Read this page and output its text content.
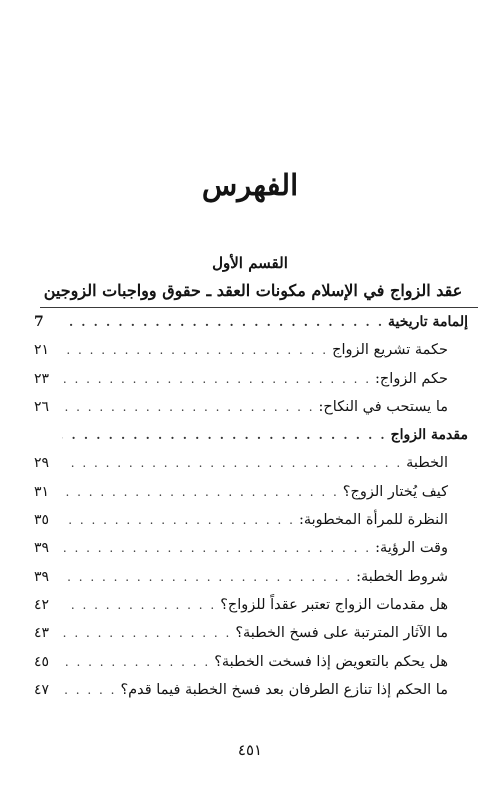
الفهرس
القسم الأول
عقد الزواج في الإسلام مكونات العقد ـ حقوق وواجبات الزوجين
إلمامة تاريخية
. . .
7
حكمة تشريع الزواج
. . .
٢١
حكم الزواج:
. . .
٢٣
ما يستحب في النكاح:
. . .
٢٦
مقدمة الزواج
. . .
الخطبة
. . .
٢٩
كيف يُختار الزوج؟
. . .
٣١
النظرة للمرأة المخطوبة:
. . .
٣٥
وقت الرؤية:
. . .
٣٩
شروط الخطبة:
. . .
٣٩
هل مقدمات الزواج تعتبر عقداً للزواج؟
. . .
٤٢
ما الآثار المترتبة على فسخ الخطبة؟
. . .
٤٣
هل يحكم بالتعويض إذا فسخت الخطبة؟
. . .
٤٥
ما الحكم إذا تنازع الطرفان بعد فسخ الخطبة فيما قدم؟
. . .
٤٧
٤٥١
